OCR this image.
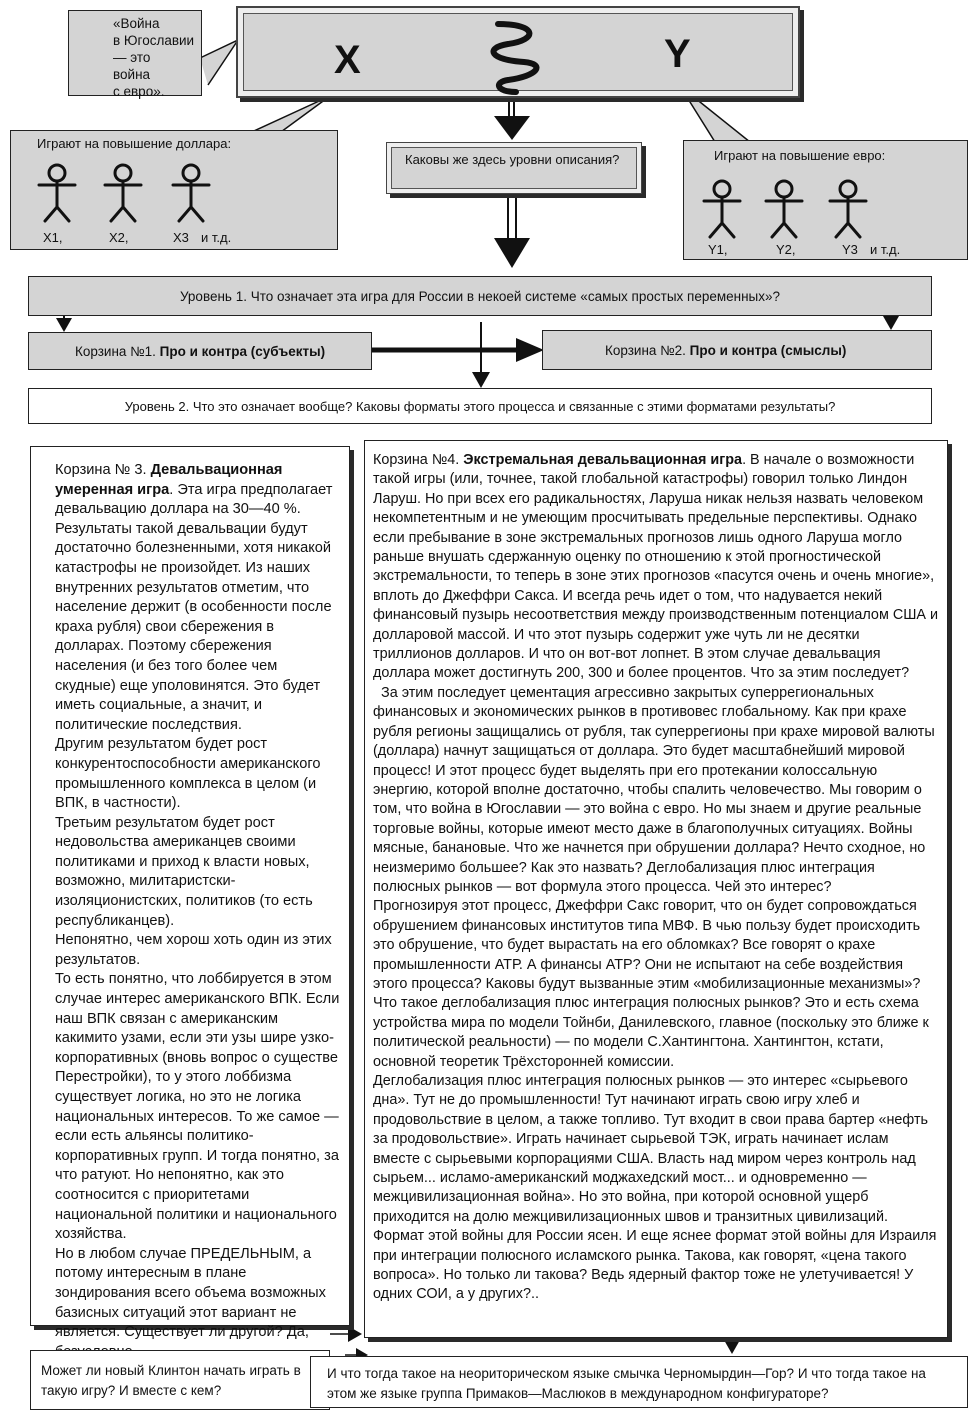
«Война
в Югославии — это
война
с евро».
X	Y
Играют на повышение доллара:
X1,	X2,	X3 и т.д.
Каковы же здесь уровни описания?	Играют на повышение евро:
Y1,	Y2,	Y3 и т.д.
Уровень 1. Что означает эта игра для России в некоей системе «самых простых переменных»?
Корзина №1. Про и контра (субъекты)	Корзина №2. Про и контра (смыслы)
Уровень 2. Что это означает вообще? Каковы форматы этого процесса и связанные с этими форматами результаты?

Корзина № 3. Девальвационная умеренная игра. Эта игра предполагает девальвацию доллара на 30—40 %. Результаты такой девальвации будут достаточно болезненными, хотя никакой катастрофы не произойдет. Из наших внутренних результатов отметим, что население держит (в особенности после краха рубля) свои сбережения в долларах. Поэтому сбережения населения (и без того более чем скудные) еще уполовинятся. Это будет иметь социальные, а значит, и политические последствия.

Другим результатом будет рост конкурентоспособности американского промышленного комплекса в целом (и ВПК, в частности).

Третьим результатом будет рост недовольства американцев своими политиками и приход к власти новых, возможно, милитаристски-изоляционистских, политиков (то есть республиканцев).

Непонятно, чем хорош хоть один из этих результатов.

То есть понятно, что лоббируется в этом случае интерес американского ВПК. Если наш ВПК связан с американским какимито узами, если эти узы шире узко-корпоративных (вновь вопрос о существе Перестройки), то у этого лоббизма существует логика, но это не логика национальных интересов. То же самое — если есть альянсы политико-корпоративных групп. И тогда понятно, за что ратуют. Но непонятно, как это соотносится с приоритетами национальной политики и национального хозяйства.

Но в любом случае ПРЕДЕЛЬНЫМ, а потому интересным в плане зондирования всего объема возможных базисных ситуаций этот вариант не является. Существует ли другой? Да,

Корзина №4. Экстремальная девальвационная игра. В начале о возможности такой игры (или, точнее, такой глобальной катастрофы) говорил только Линдон Ларуш. Но при всех его радикальностях, Ларуша никак нельзя назвать человеком некомпетентным и не умеющим просчитывать предельные перспективы. Однако если пребывание в зоне экстремальных прогнозов лишь одного Ларуша могло раньше внушать сдержанную оценку по отношению к этой прогностической экстремальности, то теперь в зоне этих прогнозов «пасутся очень и очень многие», вплоть до Джеффри Сакса. И всегда речь идет о том, что надувается некий финансовый пузырь несоответствия между производственным потенциалом США и долларовой массой. И что этот пузырь содержит уже чуть ли не десятки триллионов долларов. И что он вот-вот лопнет. В этом случае девальвация доллара может достигнуть 200, 300 и более процентов. Что за этим последует?

За этим последует цементация агрессивно закрытых суперрегиональных финансовых и экономических рынков в противовес глобальному. Как при крахе рубля регионы защищались от рубля, так суперрегионы при крахе мировой валюты (доллара) начнут защищаться от доллара. Это будет масштабнейший мировой процесс! И этот процесс будет выделять при его протекании колоссальную энергию, которой вполне достаточно, чтобы спалить человечество. Мы говорим о том, что война в Югославии — это война с евро. Но мы знаем и другие реальные торговые войны, которые имеют место даже в благополучных ситуациях. Войны мясные, банановые. Что же начнется при обрушении доллара? Нечто сходное, но неизмеримо большее? Как это назвать? Деглобализация плюс интеграция полюсных рынков — вот формула этого процесса. Чей это интерес?

Прогнозируя этот процесс, Джеффри Сакс говорит, что он будет сопровождаться обрушением финансовых институтов типа МВФ. В чью пользу будет происходить это обрушение, что будет вырастать на его обломках? Все говорят о крахе промышленности АТР. А финансы АТР? Они не испытают на себе воздействия этого процесса? Каковы будут вызванные этим «мобилизационные механизмы»? Что такое деглобализация плюс интеграция полюсных рынков? Это и есть схема устройства мира по модели Тойнби, Данилевского, главное (поскольку это ближе к политической реальности) — по модели С.Хантингтона. Хантингтон, кстати, основной теоретик Трёхсторонней комиссии.

Деглобализация плюс интеграция полюсных рынков — это интерес «сырьевого дна». Тут не до промышленности! Тут начинают играть свою игру хлеб и продовольствие в целом, а также топливо. Тут входит в свои права бартер «нефть за продовольствие». Играть начинает сырьевой ТЭК, играть начинает ислам вместе с сырьевыми корпорациями США. Власть над миром через контроль над сырьем... исламо-американский моджахедский мост... и одновременно — межцивилизационная война». Но это война, при которой основной ущерб приходится на долю межцивилизационных швов и транзитных цивилизаций. Формат этой войны для России ясен. И еще яснее формат этой войны для Израиля при интеграции полюсного исламского рынка. Такова, как говорят, «цена такого вопроса». Но только ли такова? Ведь ядерный фактор тоже не улетучивается! У одних СОИ, а у других?..

Может ли новый Клинтон начать играть в такую игру? И вместе с кем?
И что тогда такое на неориторическом языке смычка Черномырдин—Гор? И что тогда такое на этом же языке группа Примаков—Маслюков в международном конфигураторе?
